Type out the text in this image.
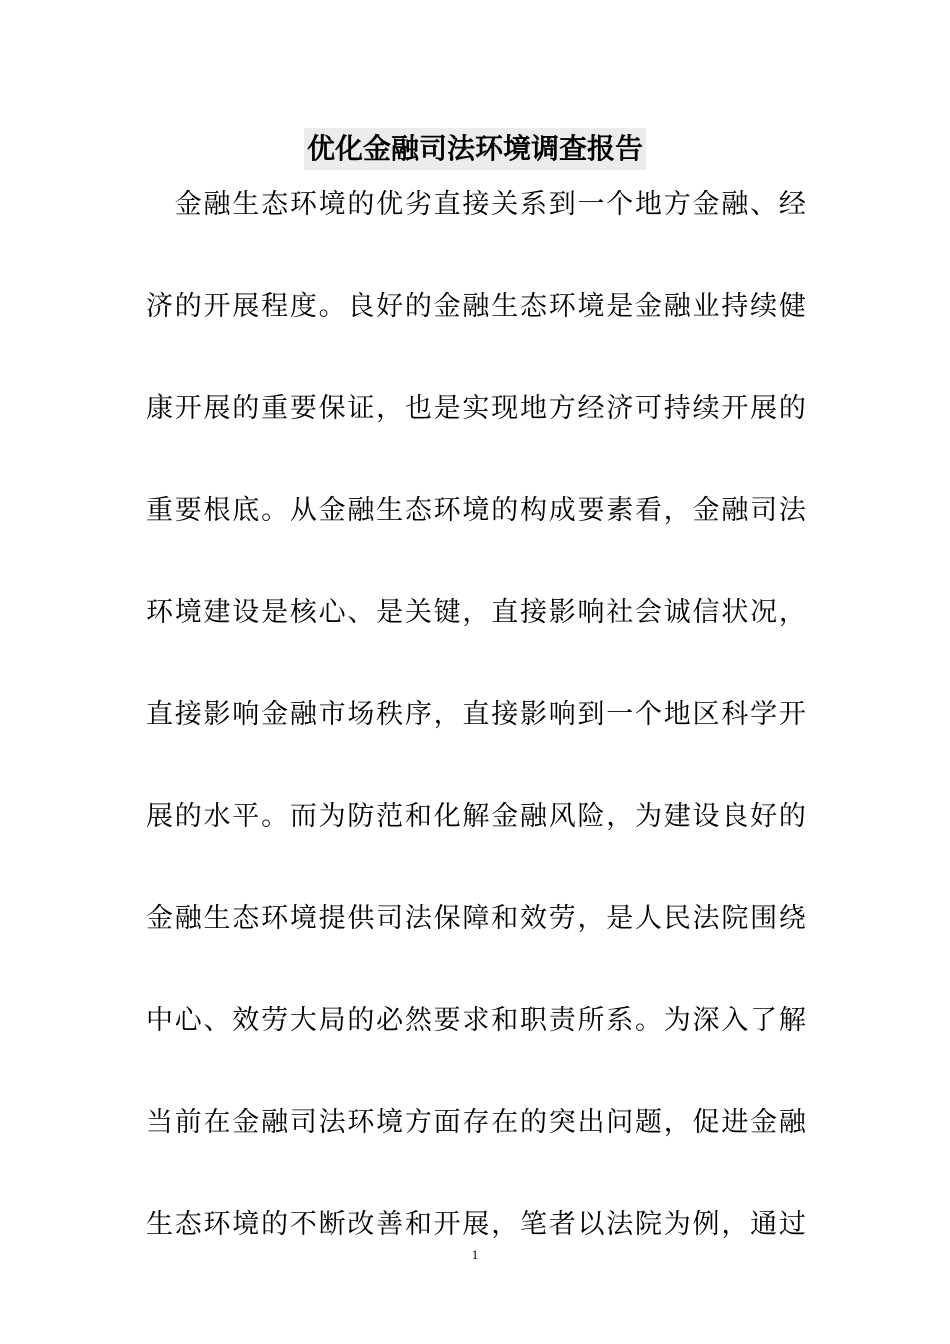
优化金融司法环境调查报告

金 融 生 态 环 境 的 优 劣 直 接 关 系 到 一 个 地 方 金 融 、 经
济 的 开 展 程 度 。 良 好 的 金 融 生 态 环 境 是 金 融 业 持 续 健
康 开 展 的 重 要 保 证 ， 也 是 实 现 地 方 经 济 可 持 续 开 展 的
重 要 根 底 。 从 金 融 生 态 环 境 的 构 成 要 素 看 ， 金 融 司 法
环 境 建 设 是 核 心 、 是 关 键 ， 直 接 影 响 社 会 诚 信 状 况 ，
直 接 影 响 金 融 市 场 秩 序 ， 直 接 影 响 到 一 个 地 区 科 学 开
展 的 水 平 。 而 为 防 范 和 化 解 金 融 风 险 ， 为 建 设 良 好 的
金 融 生 态 环 境 提 供 司 法 保 障 和 效 劳 ， 是 人 民 法 院 围 绕
中 心 、 效 劳 大 局 的 必 然 要 求 和 职 责 所 系 。 为 深 入 了 解
当 前 在 金 融 司 法 环 境 方 面 存 在 的 突 出 问 题 ， 促 进 金 融
生 态 环 境 的 不 断 改 善 和 开 展 ， 笔 者 以 法 院 为 例 ， 通 过
1
